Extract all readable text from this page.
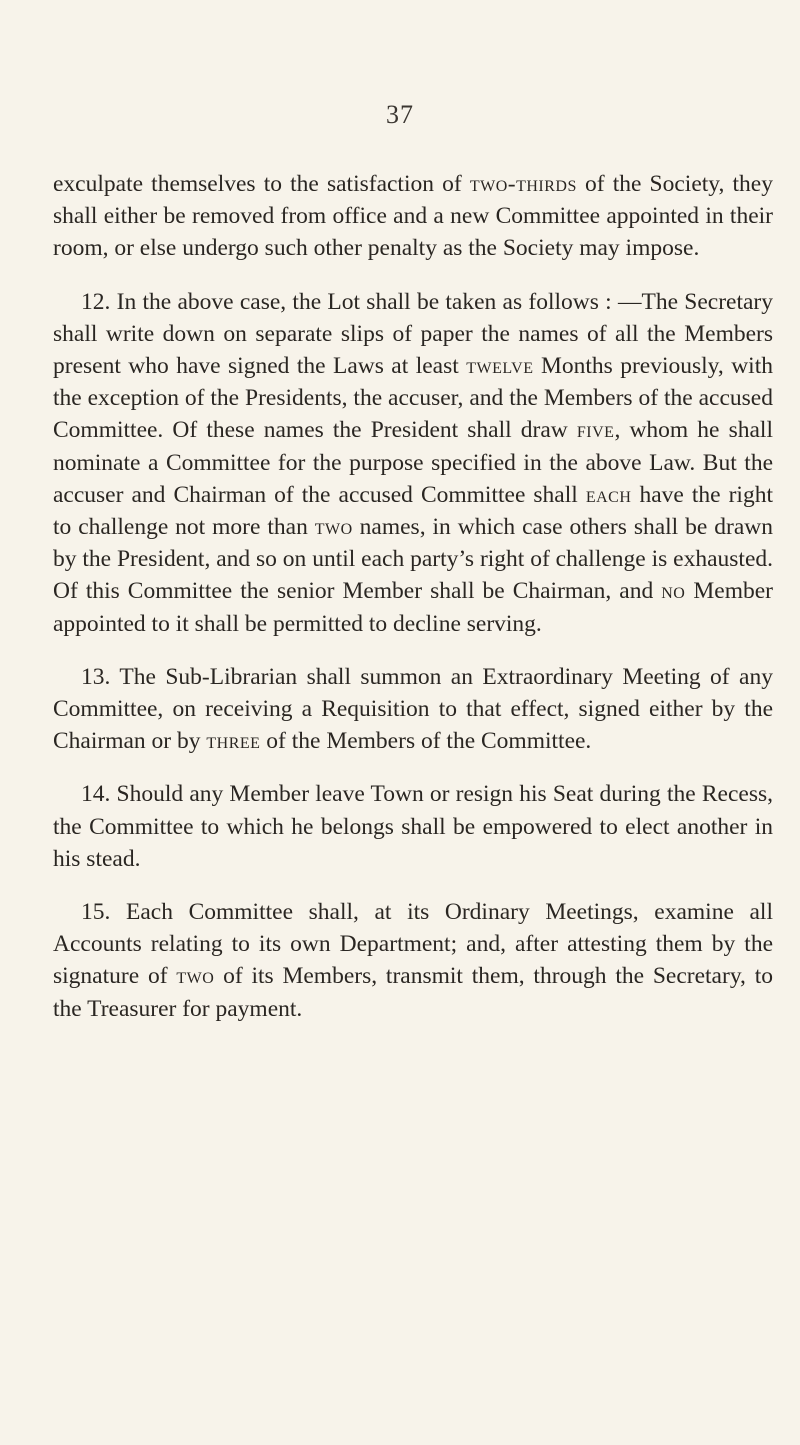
37

exculpate themselves to the satisfaction of two-thirds of the Society, they shall either be removed from office and a new Committee appointed in their room, or else undergo such other penalty as the Society may impose.

12. In the above case, the Lot shall be taken as follows : —The Secretary shall write down on separate slips of paper the names of all the Members present who have signed the Laws at least twelve Months previously, with the exception of the Presidents, the accuser, and the Members of the accused Committee. Of these names the President shall draw five, whom he shall nominate a Committee for the purpose specified in the above Law. But the accuser and Chairman of the accused Committee shall each have the right to challenge not more than two names, in which case others shall be drawn by the President, and so on until each party’s right of challenge is exhausted. Of this Committee the senior Member shall be Chairman, and no Member appointed to it shall be permitted to decline serving.

13. The Sub-Librarian shall summon an Extraordinary Meeting of any Committee, on receiving a Requisition to that effect, signed either by the Chairman or by three of the Members of the Committee.

14. Should any Member leave Town or resign his Seat during the Recess, the Committee to which he belongs shall be empowered to elect another in his stead.

15. Each Committee shall, at its Ordinary Meetings, examine all Accounts relating to its own Department; and, after attesting them by the signature of two of its Members, transmit them, through the Secretary, to the Treasurer for payment.
